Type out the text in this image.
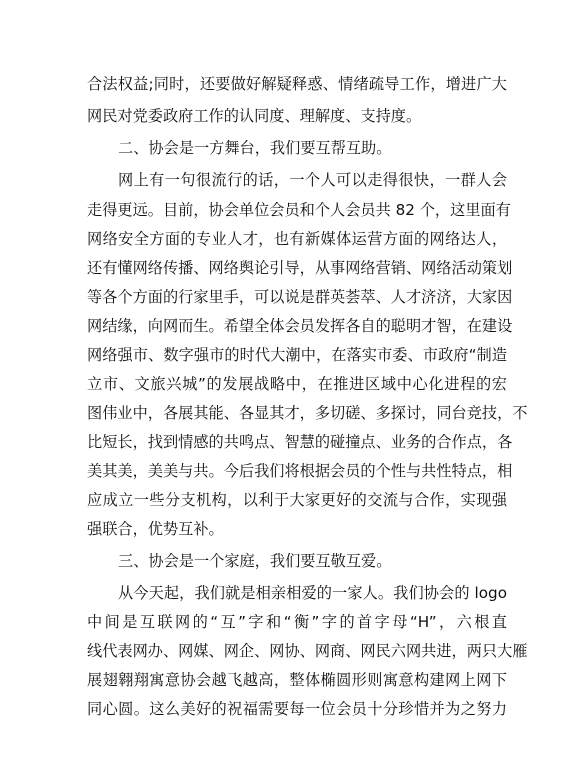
合法权益;同时，还要做好解疑释惑、情绪疏导工作，增进广大
网民对党委政府工作的认同度、理解度、支持度。
二、协会是一方舞台，我们要互帮互助。
网上有一句很流行的话，一个人可以走得很快，一群人会
走得更远。目前，协会单位会员和个人会员共 82 个，这里面有
网络安全方面的专业人才，也有新媒体运营方面的网络达人，
还有懂网络传播、网络舆论引导，从事网络营销、网络活动策划
等各个方面的行家里手，可以说是群英荟萃、人才济济，大家因
网结缘，向网而生。希望全体会员发挥各自的聪明才智，在建设
网络强市、数字强市的时代大潮中，在落实市委、市政府“制造
立市、文旅兴城”的发展战略中，在推进区域中心化进程的宏
图伟业中，各展其能、各显其才，多切磋、多探讨，同台竞技，不
比短长，找到情感的共鸣点、智慧的碰撞点、业务的合作点，各
美其美，美美与共。今后我们将根据会员的个性与共性特点，相
应成立一些分支机构，以利于大家更好的交流与合作，实现强
强联合，优势互补。
三、协会是一个家庭，我们要互敬互爱。
从今天起，我们就是相亲相爱的一家人。我们协会的 logo
中间是互联网的“互”字和“衡”字的首字母“H”，六根直
线代表网办、网媒、网企、网协、网商、网民六网共进，两只大雁
展翅翱翔寓意协会越飞越高，整体椭圆形则寓意构建网上网下
同心圆。这么美好的祝福需要每一位会员十分珍惜并为之努力
